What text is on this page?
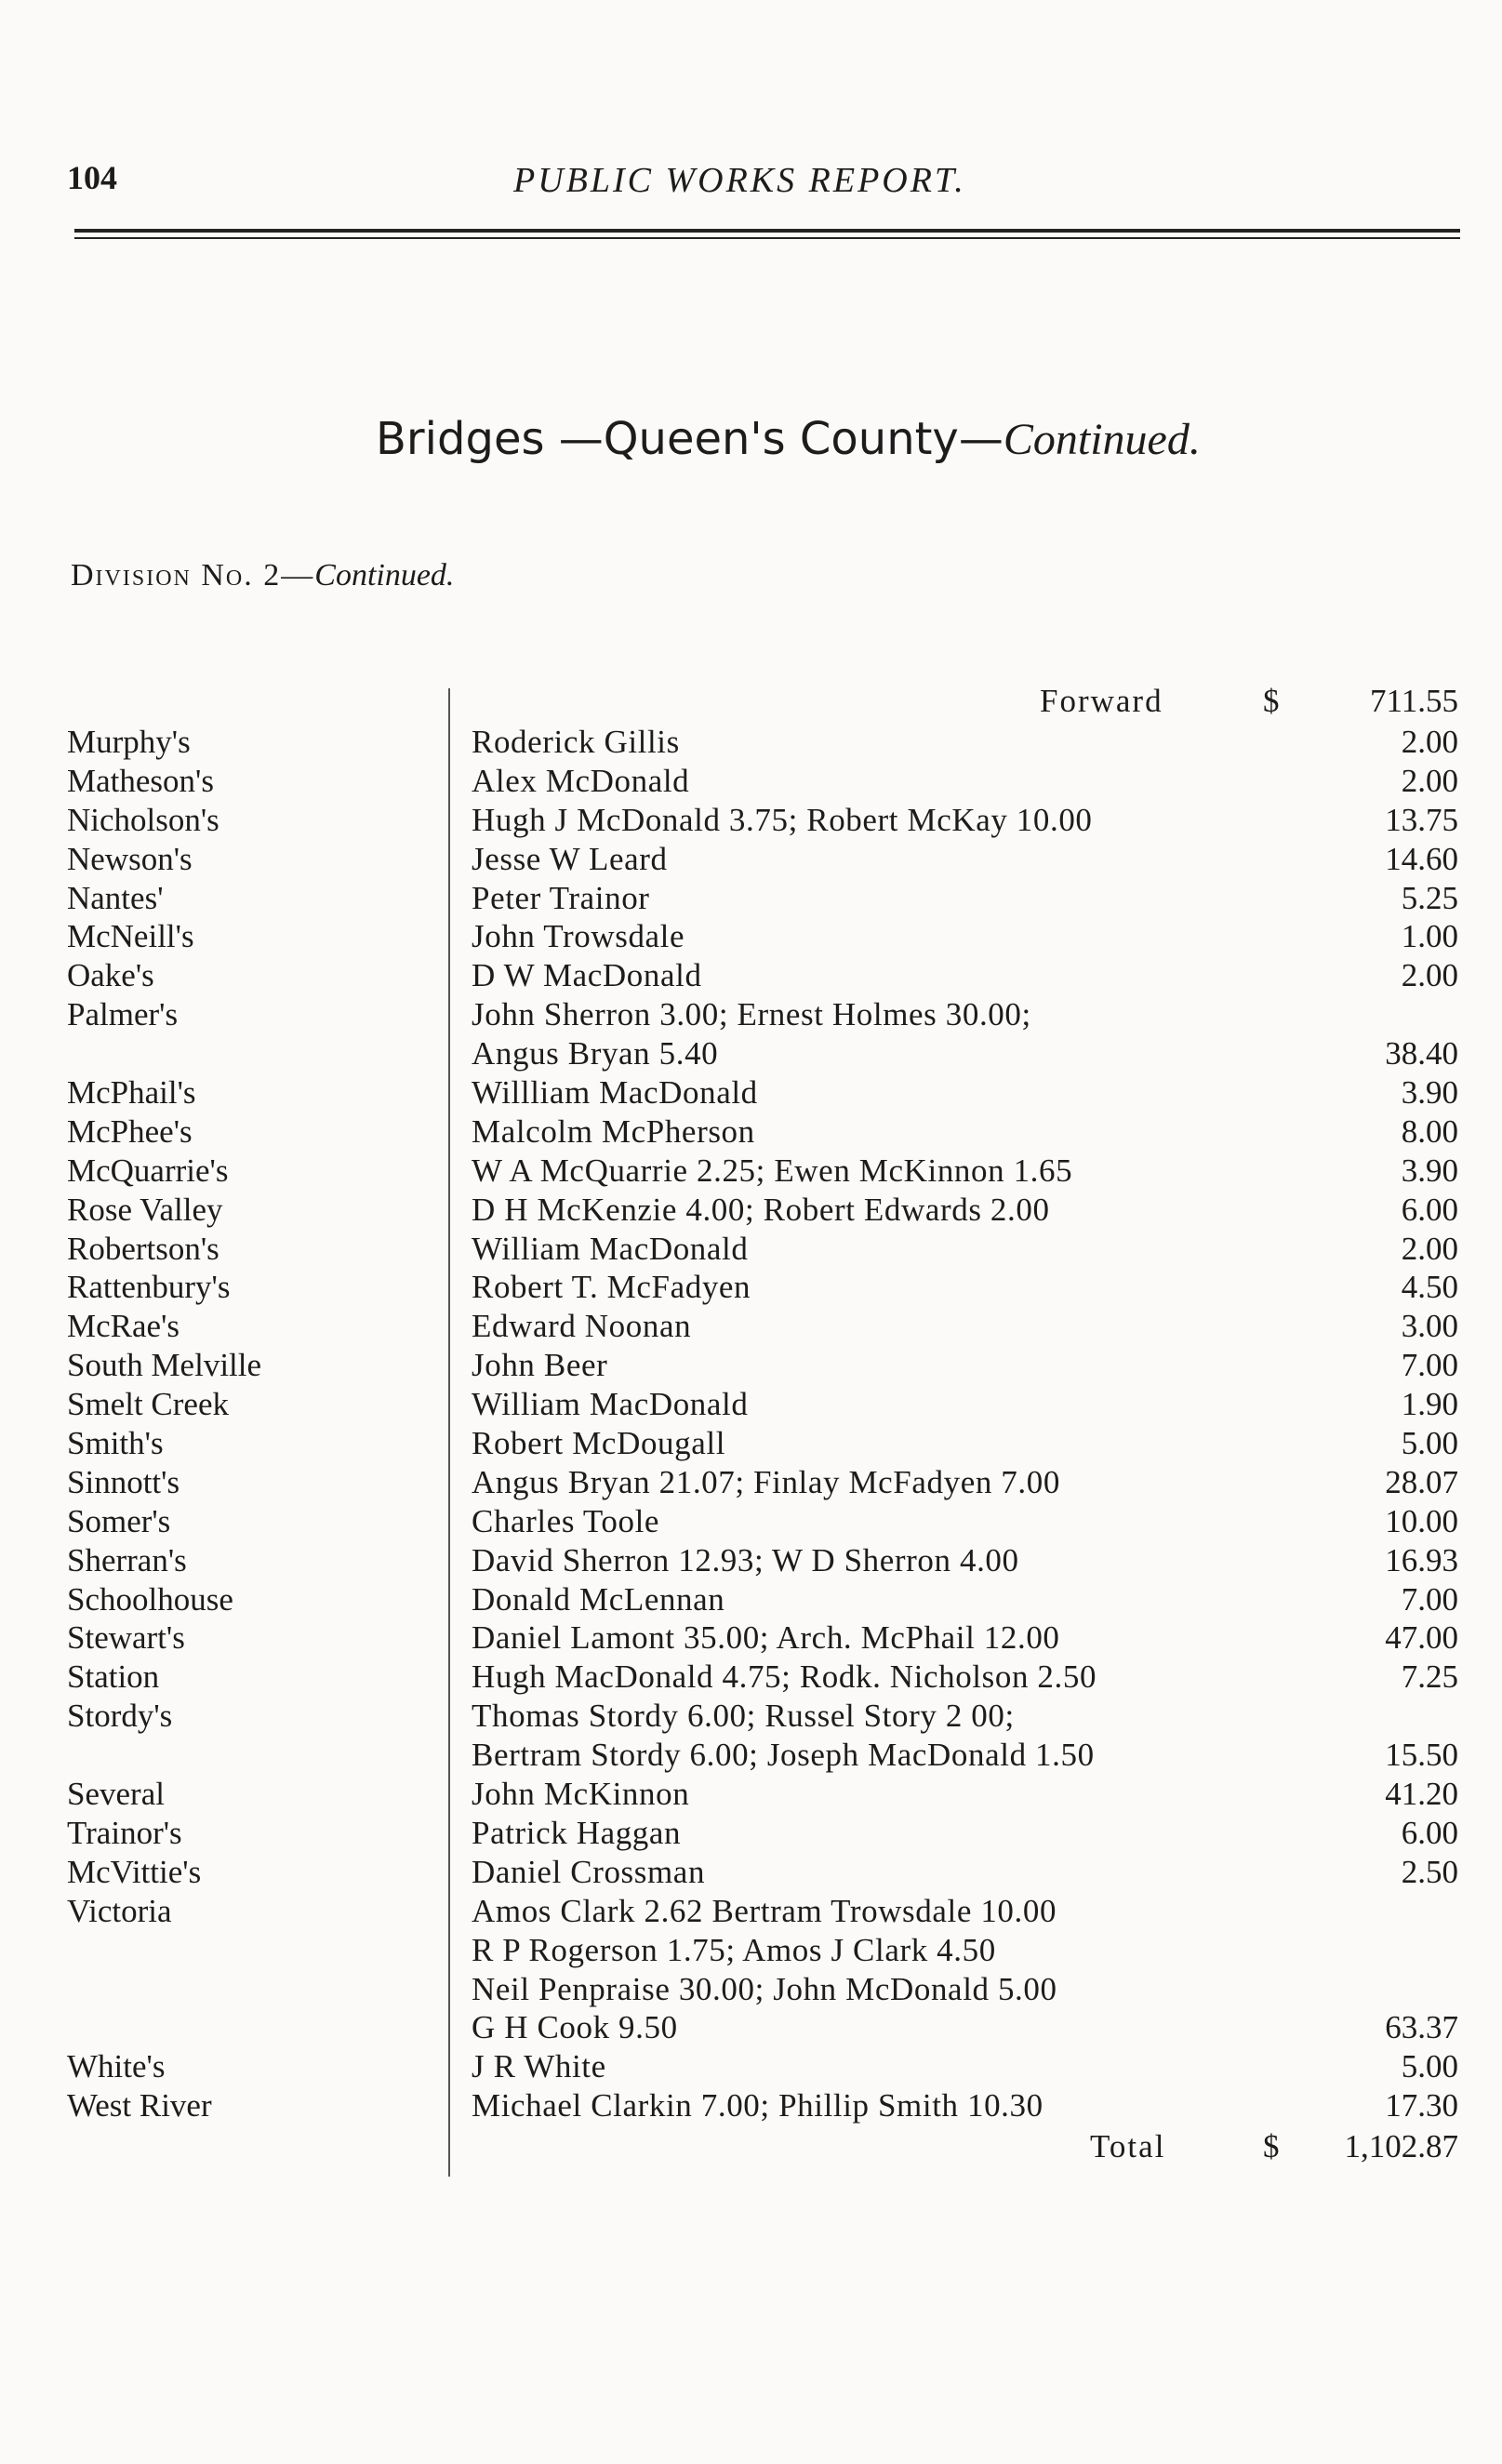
104	PUBLIC WORKS REPORT.
Bridges —Queen's County—Continued.
Division No. 2—Continued.
Forward	$	711.55
Murphy's	Roderick Gillis	2.00
Matheson's	Alex McDonald	2.00
Nicholson's	Hugh J McDonald 3.75; Robert McKay 10.00	13.75
Newson's	Jesse W Leard	14.60
Nantes'	Peter Trainor	5.25
McNeill's	John Trowsdale	1.00
Oake's	D W MacDonald	2.00
Palmer's	John Sherron 3.00; Ernest Holmes 30.00;
Angus Bryan 5.40	38.40
McPhail's	Willliam MacDonald	3.90
McPhee's	Malcolm McPherson	8.00
McQuarrie's	W A McQuarrie 2.25; Ewen McKinnon 1.65	3.90
Rose Valley	D H McKenzie 4.00; Robert Edwards 2.00	6.00
Robertson's	William MacDonald	2.00
Rattenbury's	Robert T. McFadyen	4.50
McRae's	Edward Noonan	3.00
South Melville	John Beer	7.00
Smelt Creek	William MacDonald	1.90
Smith's	Robert McDougall	5.00
Sinnott's	Angus Bryan 21.07; Finlay McFadyen 7.00	28.07
Somer's	Charles Toole	10.00
Sherran's	David Sherron 12.93; W D Sherron 4.00	16.93
Schoolhouse	Donald McLennan	7.00
Stewart's	Daniel Lamont 35.00; Arch. McPhail 12.00	47.00
Station	Hugh MacDonald 4.75; Rodk. Nicholson 2.50	7.25
Stordy's	Thomas Stordy 6.00; Russel Story 2 00;
Bertram Stordy 6.00; Joseph MacDonald 1.50	15.50
Several	John McKinnon	41.20
Trainor's	Patrick Haggan	6.00
McVittie's	Daniel Crossman	2.50
Victoria	Amos Clark 2.62 Bertram Trowsdale 10.00
R P Rogerson 1.75; Amos J Clark 4.50
Neil Penpraise 30.00; John McDonald 5.00
G H Cook 9.50	63.37
White's	J R White	5.00
West River	Michael Clarkin 7.00; Phillip Smith 10.30	17.30
Total	$	1,102.87
